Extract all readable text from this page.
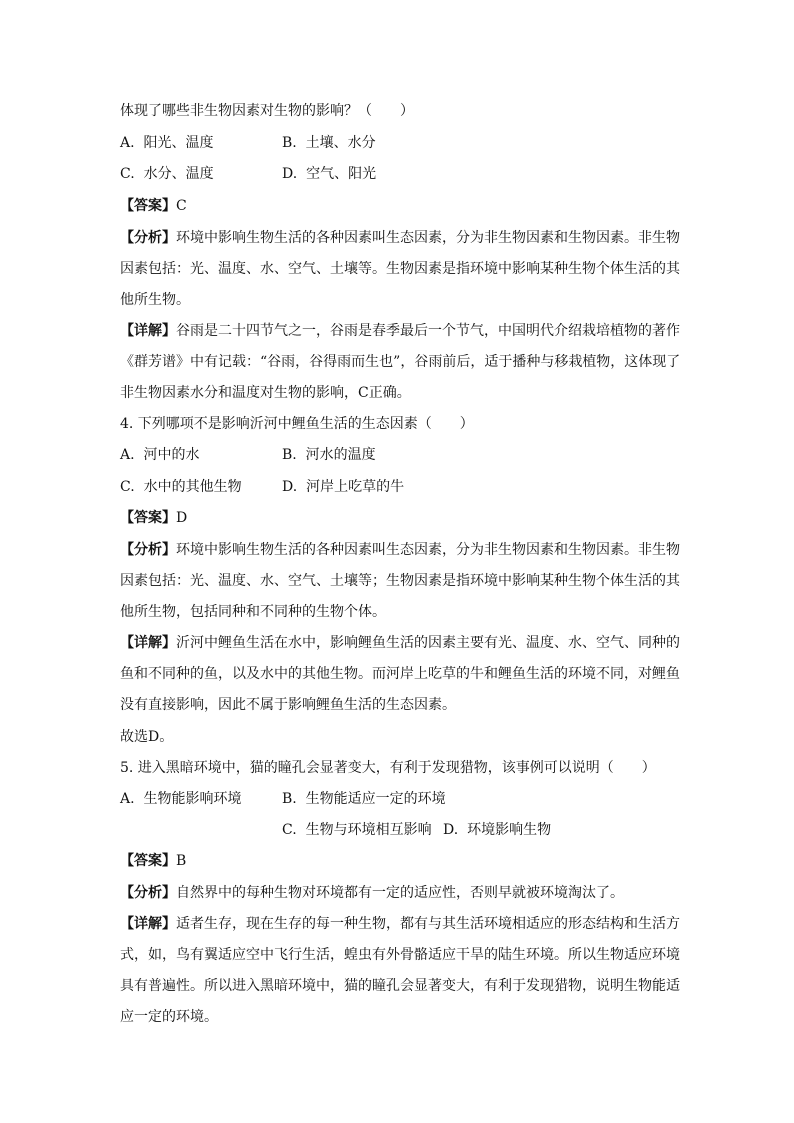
体现了哪些非生物因素对生物的影响？（　　）
A. 阳光、温度	B. 土壤、水分
C. 水分、温度	D. 空气、阳光
【答案】C
【分析】环境中影响生物生活的各种因素叫生态因素，分为非生物因素和生物因素。非生物
因素包括：光、温度、水、空气、土壤等。生物因素是指环境中影响某种生物个体生活的其
他所生物。
【详解】谷雨是二十四节气之一，谷雨是春季最后一个节气，中国明代介绍栽培植物的著作
《群芳谱》中有记载：“谷雨，谷得雨而生也”，谷雨前后，适于播种与移栽植物，这体现了
非生物因素水分和温度对生物的影响，C正确。
4. 下列哪项不是影响沂河中鲤鱼生活的生态因素（　　）
A. 河中的水	B. 河水的温度
C. 水中的其他生物	D. 河岸上吃草的牛
【答案】D
【分析】环境中影响生物生活的各种因素叫生态因素，分为非生物因素和生物因素。非生物
因素包括：光、温度、水、空气、土壤等；生物因素是指环境中影响某种生物个体生活的其
他所生物，包括同种和不同种的生物个体。
【详解】沂河中鲤鱼生活在水中，影响鲤鱼生活的因素主要有光、温度、水、空气、同种的
鱼和不同种的鱼，以及水中的其他生物。而河岸上吃草的牛和鲤鱼生活的环境不同，对鲤鱼
没有直接影响，因此不属于影响鲤鱼生活的生态因素。
故选D。
5. 进入黑暗环境中，猫的瞳孔会显著变大，有利于发现猎物，该事例可以说明（　　）
A. 生物能影响环境	B. 生物能适应一定的环境
C. 生物与环境相互影响 D. 环境影响生物
【答案】B
【分析】自然界中的每种生物对环境都有一定的适应性，否则早就被环境淘汰了。
【详解】适者生存，现在生存的每一种生物，都有与其生活环境相适应的形态结构和生活方
式，如，鸟有翼适应空中飞行生活，蝗虫有外骨骼适应干旱的陆生环境。所以生物适应环境
具有普遍性。所以进入黑暗环境中，猫的瞳孔会显著变大，有利于发现猎物，说明生物能适
应一定的环境。
